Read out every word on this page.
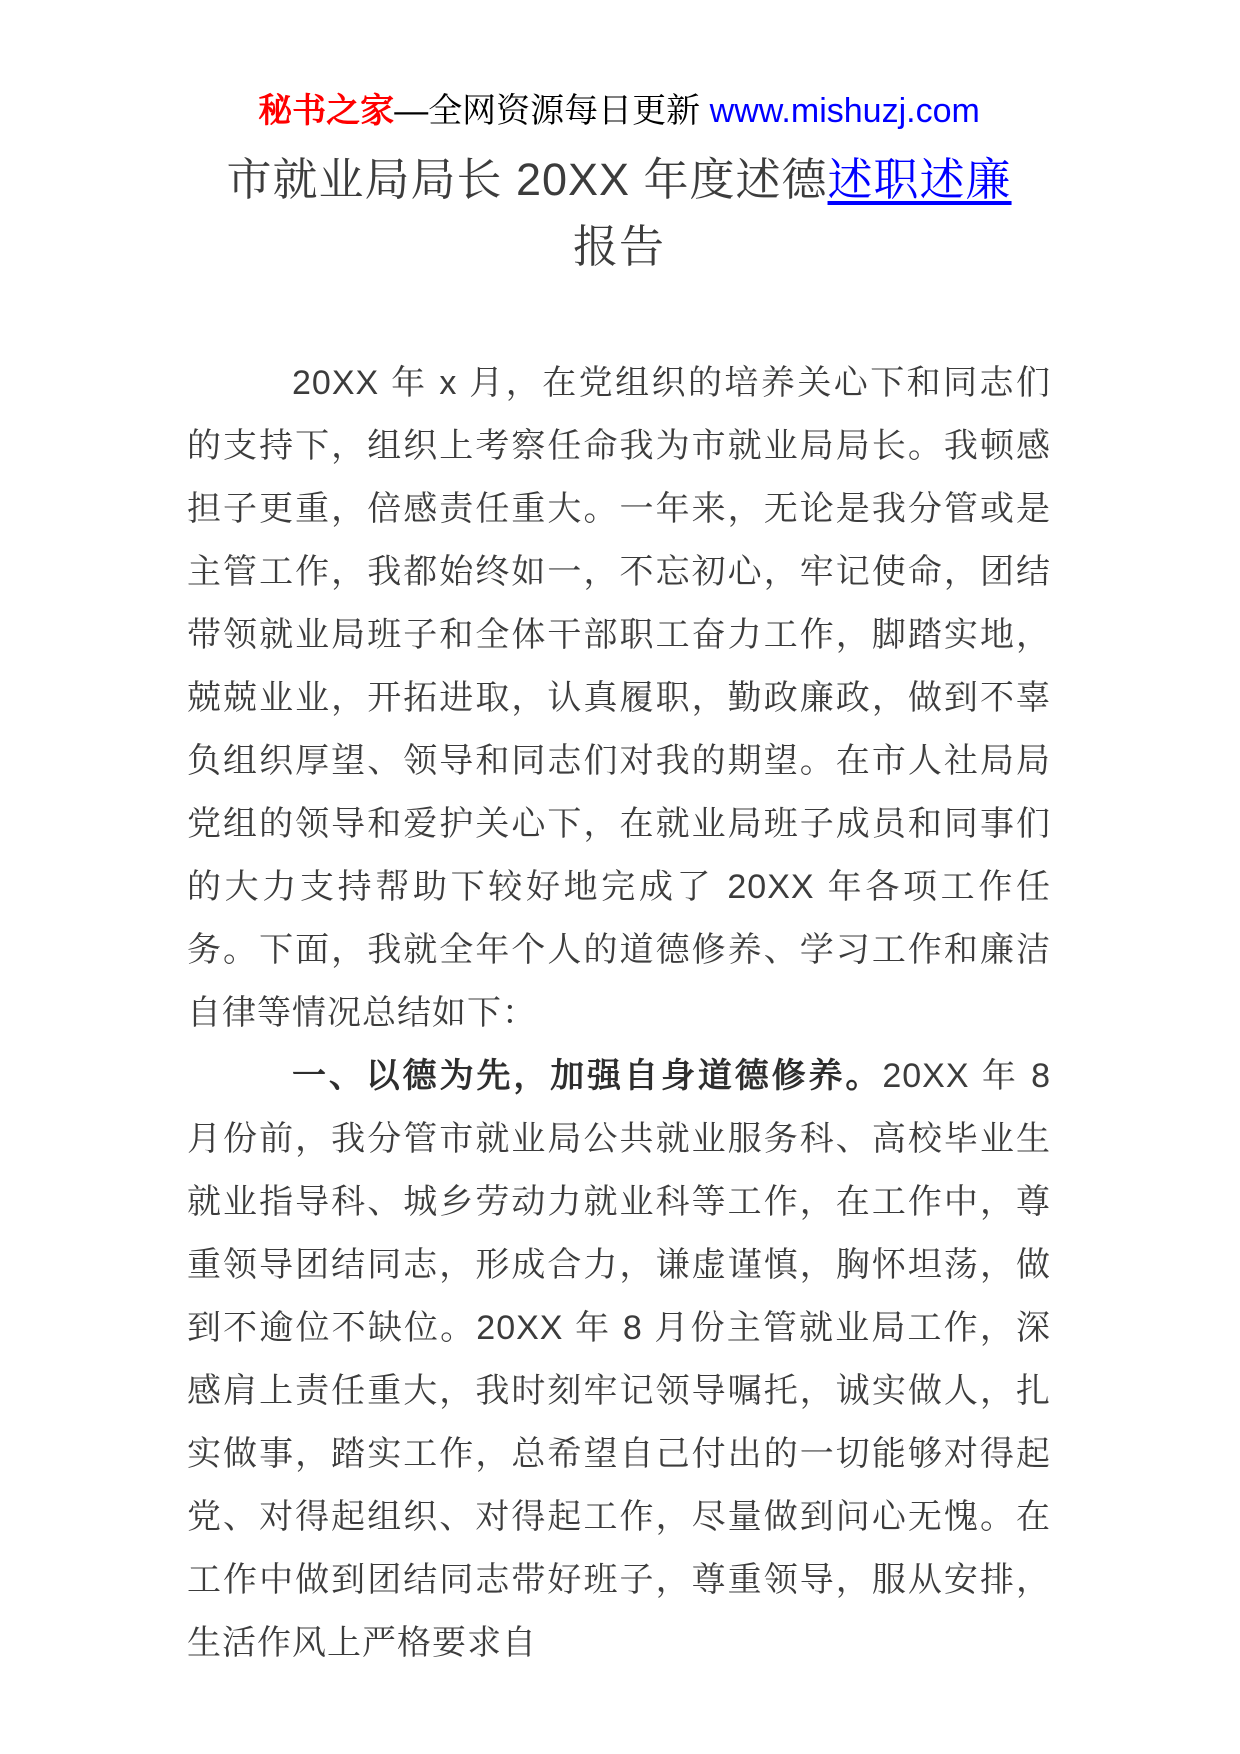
秘书之家—全网资源每日更新 www.mishuzj.com
市就业局局长 20XX 年度述德述职述廉
报告

20XX 年 x 月，在党组织的培养关心下和同志们的支持下，组织上考察任命我为市就业局局长。我顿感担子更重，倍感责任重大。一年来，无论是我分管或是主管工作，我都始终如一，不忘初心，牢记使命，团结带领就业局班子和全体干部职工奋力工作，脚踏实地，兢兢业业，开拓进取，认真履职，勤政廉政，做到不辜负组织厚望、领导和同志们对我的期望。在市人社局局党组的领导和爱护关心下，在就业局班子成员和同事们的大力支持帮助下较好地完成了 20XX 年各项工作任务。下面，我就全年个人的道德修养、学习工作和廉洁自律等情况总结如下：

一、以德为先，加强自身道德修养。20XX 年 8 月份前，我分管市就业局公共就业服务科、高校毕业生就业指导科、城乡劳动力就业科等工作，在工作中，尊重领导团结同志，形成合力，谦虚谨慎，胸怀坦荡，做到不逾位不缺位。20XX 年 8 月份主管就业局工作，深感肩上责任重大，我时刻牢记领导嘱托，诚实做人，扎实做事，踏实工作，总希望自己付出的一切能够对得起党、对得起组织、对得起工作，尽量做到问心无愧。在工作中做到团结同志带好班子，尊重领导，服从安排，生活作风上严格要求自
